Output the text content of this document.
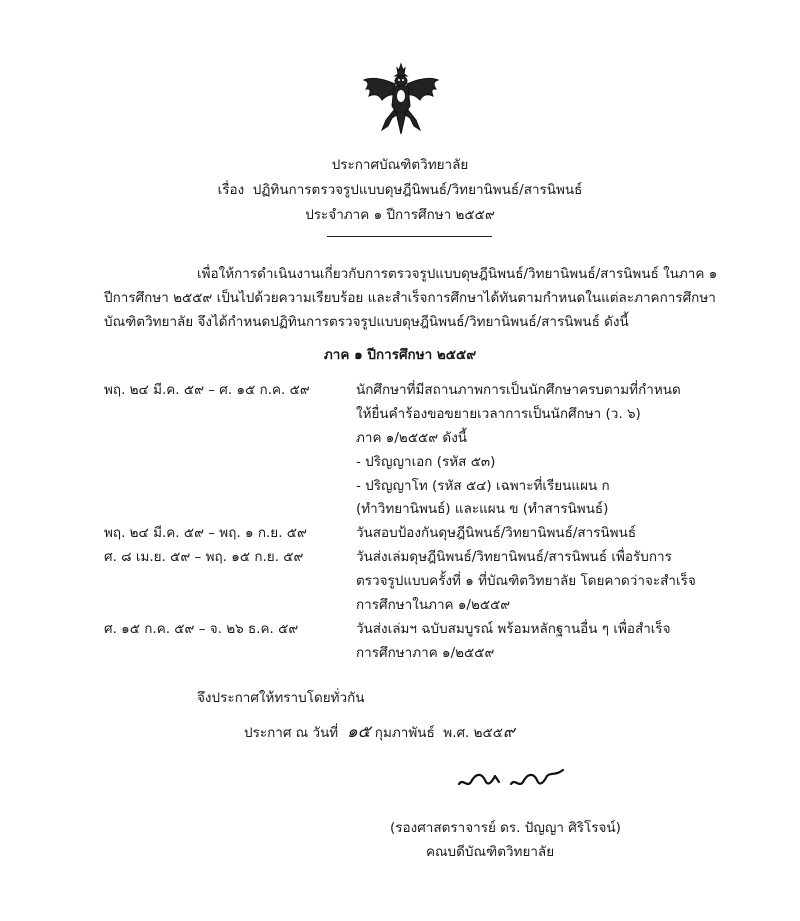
ประกาศบัณฑิตวิทยาลัย
เรื่อง ปฏิทินการตรวจรูปแบบดุษฎีนิพนธ์/วิทยานิพนธ์/สารนิพนธ์
ประจำภาค ๑ ปีการศึกษา ๒๕๕๙
เพื่อให้การดำเนินงานเกี่ยวกับการตรวจรูปแบบดุษฎีนิพนธ์/วิทยานิพนธ์/สารนิพนธ์ ในภาค ๑
ปีการศึกษา ๒๕๕๙ เป็นไปด้วยความเรียบร้อย และสำเร็จการศึกษาได้ทันตามกำหนดในแต่ละภาคการศึกษา
บัณฑิตวิทยาลัย จึงได้กำหนดปฏิทินการตรวจรูปแบบดุษฎีนิพนธ์/วิทยานิพนธ์/สารนิพนธ์ ดังนี้
ภาค ๑ ปีการศึกษา ๒๕๕๙
พฤ. ๒๔ มี.ค. ๕๙ – ศ. ๑๕ ก.ค. ๕๙	นักศึกษาที่มีสถานภาพการเป็นนักศึกษาครบตามที่กำหนด
ให้ยื่นคำร้องขอขยายเวลาการเป็นนักศึกษา (ว. ๖)
ภาค ๑/๒๕๕๙ ดังนี้
- ปริญญาเอก (รหัส ๕๓)
- ปริญญาโท (รหัส ๕๔) เฉพาะที่เรียนแผน ก
(ทำวิทยานิพนธ์) และแผน ข (ทำสารนิพนธ์)
พฤ. ๒๔ มี.ค. ๕๙ – พฤ. ๑ ก.ย. ๕๙	วันสอบป้องกันดุษฎีนิพนธ์/วิทยานิพนธ์/สารนิพนธ์
ศ. ๘ เม.ย. ๕๙ – พฤ. ๑๕ ก.ย. ๕๙	วันส่งเล่มดุษฎีนิพนธ์/วิทยานิพนธ์/สารนิพนธ์ เพื่อรับการ
ตรวจรูปแบบครั้งที่ ๑ ที่บัณฑิตวิทยาลัย โดยคาดว่าจะสำเร็จ
การศึกษาในภาค ๑/๒๕๕๙
ศ. ๑๕ ก.ค. ๕๙ – จ. ๒๖ ธ.ค. ๕๙	วันส่งเล่มฯ ฉบับสมบูรณ์ พร้อมหลักฐานอื่น ๆ เพื่อสำเร็จ
การศึกษาภาค ๑/๒๕๕๙
จึงประกาศให้ทราบโดยทั่วกัน
ประกาศ ณ วันที่ ๑๕ กุมภาพันธ์ พ.ศ. ๒๕๕๙
(รองศาสตราจารย์ ดร. ปัญญา ศิริโรจน์)
คณบดีบัณฑิตวิทยาลัย
